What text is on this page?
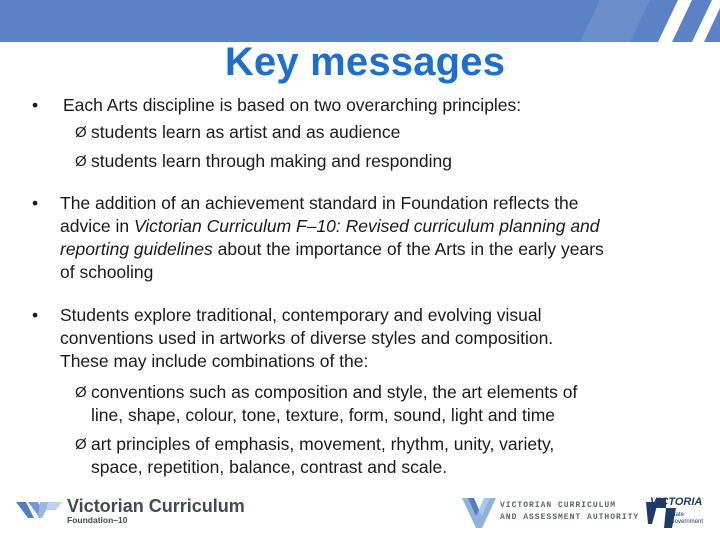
Key messages
• Each Arts discipline is based on two overarching principles:
Ø students learn as artist and as audience
Ø students learn through making and responding
• The addition of an achievement standard in Foundation reflects the
advice in Victorian Curriculum F–10: Revised curriculum planning and
reporting guidelines about the importance of the Arts in the early years
of schooling
• Students explore traditional, contemporary and evolving visual
conventions used in artworks of diverse styles and composition.
These may include combinations of the:
Ø conventions such as composition and style, the art elements of
line, shape, colour, tone, texture, form, sound, light and time
Ø art principles of emphasis, movement, rhythm, unity, variety,
space, repetition, balance, contrast and scale.
Victorian Curriculum
Foundation–10
VICTORIAN CURRICULUM
AND ASSESSMENT AUTHORITY
VICTORIA
State
Government
